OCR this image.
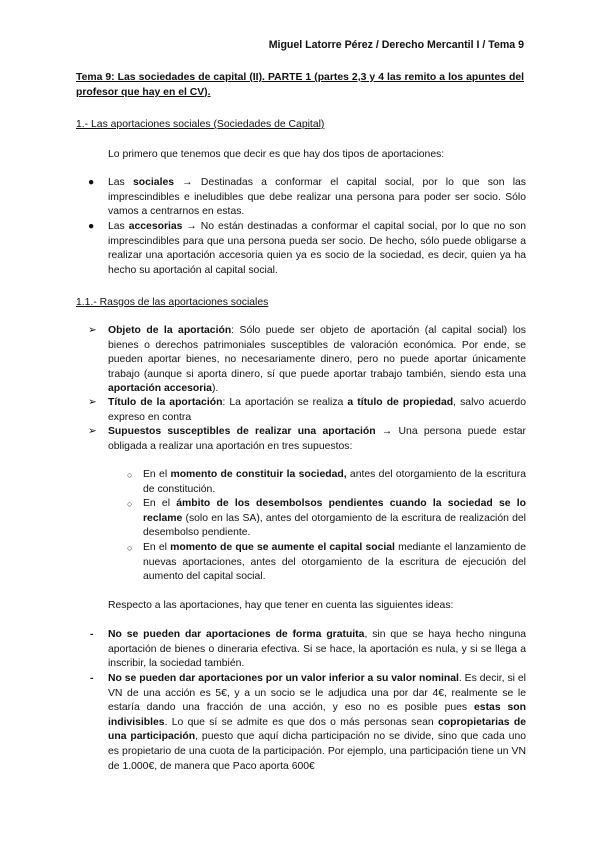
Miguel Latorre Pérez / Derecho Mercantil I / Tema 9
Tema 9: Las sociedades de capital (II). PARTE 1 (partes 2,3 y 4 las remito a los apuntes del profesor que hay en el CV).
1.- Las aportaciones sociales (Sociedades de Capital)
Lo primero que tenemos que decir es que hay dos tipos de aportaciones:
● Las sociales → Destinadas a conformar el capital social, por lo que son las imprescindibles e ineludibles que debe realizar una persona para poder ser socio. Sólo vamos a centrarnos en estas.
● Las accesorias → No están destinadas a conformar el capital social, por lo que no son imprescindibles para que una persona pueda ser socio. De hecho, sólo puede obligarse a realizar una aportación accesoria quien ya es socio de la sociedad, es decir, quien ya ha hecho su aportación al capital social.
1.1.- Rasgos de las aportaciones sociales
➢ Objeto de la aportación: Sólo puede ser objeto de aportación (al capital social) los bienes o derechos patrimoniales susceptibles de valoración económica. Por ende, se pueden aportar bienes, no necesariamente dinero, pero no puede aportar únicamente trabajo (aunque si aporta dinero, sí que puede aportar trabajo también, siendo esta una aportación accesoria).
➢ Título de la aportación: La aportación se realiza a título de propiedad, salvo acuerdo expreso en contra
➢ Supuestos susceptibles de realizar una aportación → Una persona puede estar obligada a realizar una aportación en tres supuestos:
○ En el momento de constituir la sociedad, antes del otorgamiento de la escritura de constitución.
○ En el ámbito de los desembolsos pendientes cuando la sociedad se lo reclame (solo en las SA), antes del otorgamiento de la escritura de realización del desembolso pendiente.
○ En el momento de que se aumente el capital social mediante el lanzamiento de nuevas aportaciones, antes del otorgamiento de la escritura de ejecución del aumento del capital social.
Respecto a las aportaciones, hay que tener en cuenta las siguientes ideas:
- No se pueden dar aportaciones de forma gratuita, sin que se haya hecho ninguna aportación de bienes o dineraria efectiva. Si se hace, la aportación es nula, y si se llega a inscribir, la sociedad también.
- No se pueden dar aportaciones por un valor inferior a su valor nominal. Es decir, si el VN de una acción es 5€, y a un socio se le adjudica una por dar 4€, realmente se le estaría dando una fracción de una acción, y eso no es posible pues estas son indivisibles. Lo que sí se admite es que dos o más personas sean copropietarias de una participación, puesto que aquí dicha participación no se divide, sino que cada uno es propietario de una cuota de la participación. Por ejemplo, una participación tiene un VN de 1.000€, de manera que Paco aporta 600€
